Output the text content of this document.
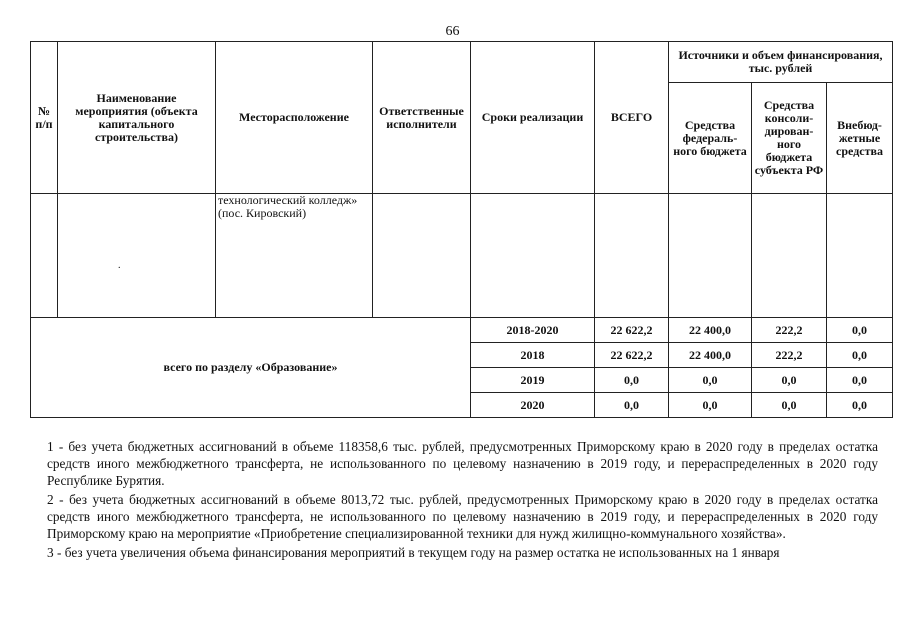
66
№ п/п	Наименование мероприятия (объекта капитального строительства)	Месторасположение	Ответственные исполнители	Сроки реализации	ВСЕГО	Источники и объем финансирования, тыс. рублей		
						Средства федераль-ного бюджета	Средства консоли-дирован-ного бюджета субъекта РФ	Внебюд-жетные средства
		технологический колледж» (пос. Кировский)						
всего по разделу «Образование»				2018-2020	22 622,2	22 400,0	222,2	0,0
				2018	22 622,2	22 400,0	222,2	0,0
				2019	0,0	0,0	0,0	0,0
				2020	0,0	0,0	0,0	0,0
.

1 - без учета бюджетных ассигнований в объеме 118358,6 тыс. рублей, предусмотренных Приморскому краю в 2020 году в пределах остатка средств иного межбюджетного трансферта, не использованного по целевому назначению в 2019 году, и перераспределенных в 2020 году Республике Бурятия.

2 - без учета бюджетных ассигнований в объеме 8013,72 тыс. рублей, предусмотренных Приморскому краю в 2020 году в пределах остатка средств иного межбюджетного трансферта, не использованного по целевому назначению в 2019 году, и перераспределенных в 2020 году Приморскому краю на мероприятие «Приобретение специализированной техники для нужд жилищно-коммунального хозяйства».

3 - без учета увеличения объема финансирования мероприятий в текущем году на размер остатка не использованных на 1 января
